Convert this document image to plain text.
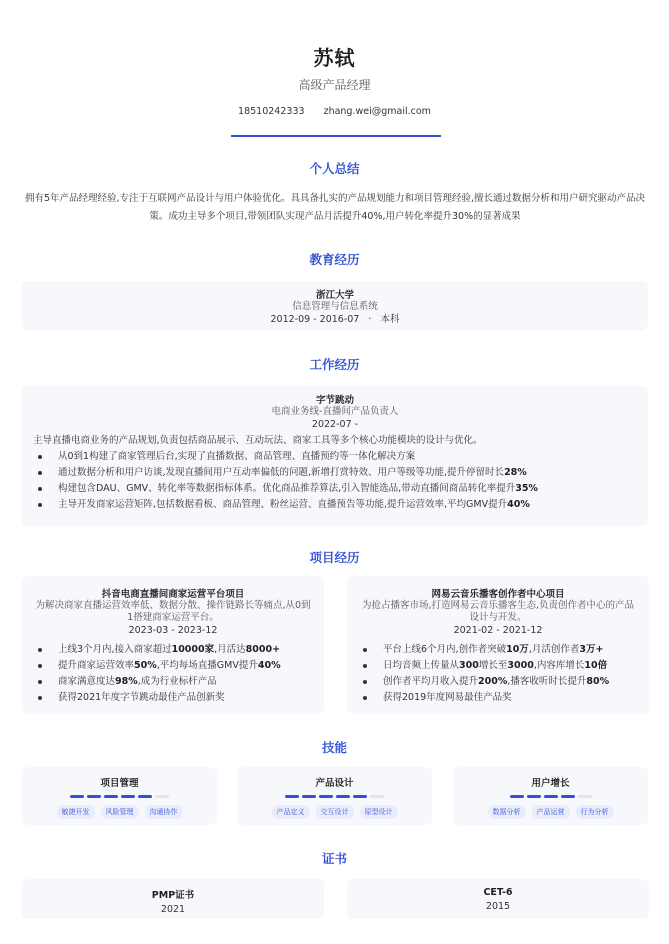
苏轼
高级产品经理
18510242333 zhang.wei@gmail.com
个人总结
拥有5年产品经理经验,专注于互联网产品设计与用户体验优化。具具备扎实的产品规划能力和项目管理经验,擅长通过数据分析和用户研究驱动产品决策。成功主导多个项目,带领团队实现产品月活提升40%,用户转化率提升30%的显著成果
教育经历
浙江大学
信息管理与信息系统
2012-09 - 2016-07 · 本科
工作经历
字节跳动
电商业务线-直播间产品负责人
2022-07 -
主导直播电商业务的产品规划,负责包括商品展示、互动玩法、商家工具等多个核心功能模块的设计与优化。
从0到1构建了商家管理后台,实现了直播数据、商品管理、直播预约等一体化解决方案
通过数据分析和用户访谈,发现直播间用户互动率偏低的问题,新增打赏特效、用户等级等功能,提升停留时长28%
构建包含DAU、GMV、转化率等数据指标体系。优化商品推荐算法,引入智能选品,带动直播间商品转化率提升35%
主导开发商家运营矩阵,包括数据看板、商品管理、粉丝运营、直播预告等功能,提升运营效率,平均GMV提升40%
项目经历
抖音电商直播间商家运营平台项目
为解决商家直播运营效率低、数据分散、操作链路长等痛点,从0到1搭建商家运营平台。
2023-03 - 2023-12
上线3个月内,接入商家超过10000家,月活达8000+
提升商家运营效率50%,平均每场直播GMV提升40%
商家满意度达98%,成为行业标杆产品
获得2021年度字节跳动最佳产品创新奖
网易云音乐播客创作者中心项目
为抢占播客市场,打造网易云音乐播客生态,负责创作者中心的产品设计与开发。
2021-02 - 2021-12
平台上线6个月内,创作者突破10万,月活创作者3万+
日均音频上传量从300增长至3000,内容库增长10倍
创作者平均月收入提升200%,播客收听时长提升80%
获得2019年度网易最佳产品奖
技能
项目管理
敏捷开发	风险管理	沟通协作
产品设计
产品定义	交互设计	原型设计
用户增长
数据分析	产品运营	行为分析
证书
PMP证书
2021
CET-6
2015
